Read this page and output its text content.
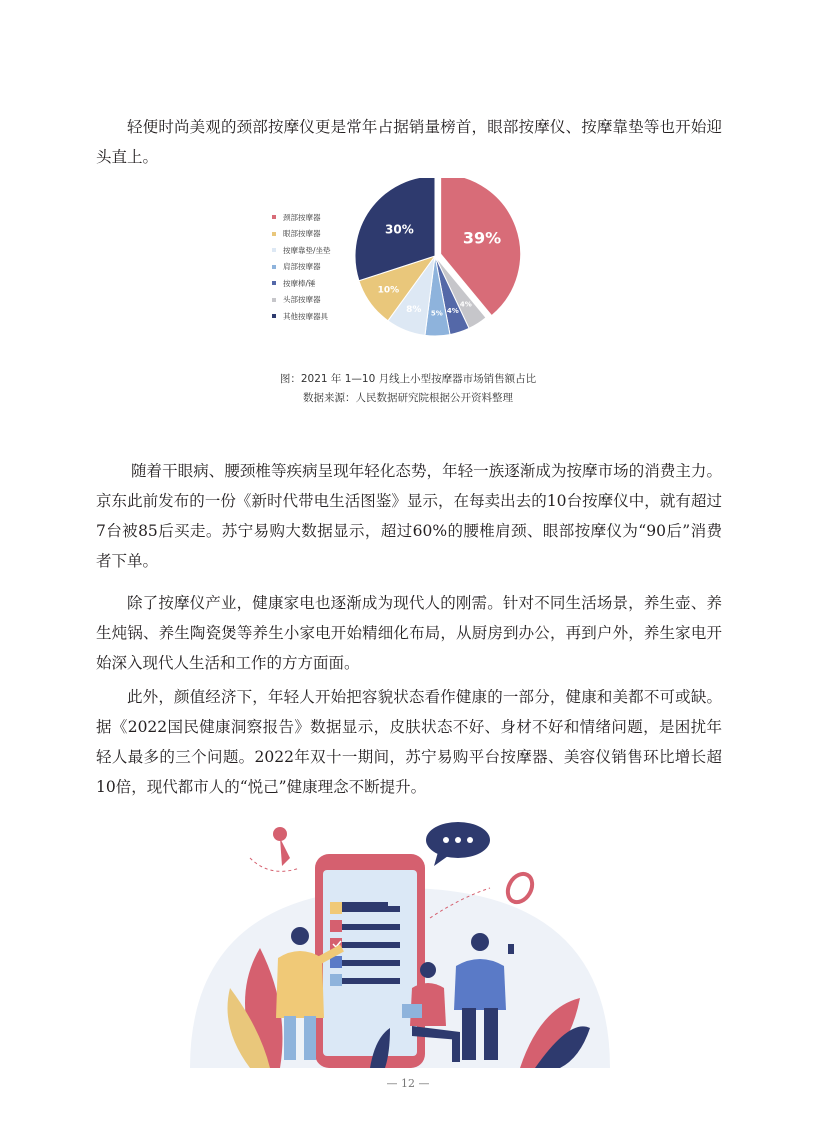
轻便时尚美观的颈部按摩仪更是常年占据销量榜首，眼部按摩仪、按摩靠垫等也开始迎头直上。

39%
4%
4%
5%
8%
10%
30%
颈部按摩器
眼部按摩器
按摩靠垫/坐垫
肩部按摩器
按摩棒/锤
头部按摩器
其他按摩器具
图：2021 年 1—10 月线上小型按摩器市场销售额占比
数据来源：人民数据研究院根据公开资料整理

随着干眼病、腰颈椎等疾病呈现年轻化态势，年轻一族逐渐成为按摩市场的消费主力。京东此前发布的一份《新时代带电生活图鉴》显示，在每卖出去的10台按摩仪中，就有超过7台被85后买走。苏宁易购大数据显示，超过60%的腰椎肩颈、眼部按摩仪为“90后”消费者下单。

除了按摩仪产业，健康家电也逐渐成为现代人的刚需。针对不同生活场景，养生壶、养生炖锅、养生陶瓷煲等养生小家电开始精细化布局，从厨房到办公，再到户外，养生家电开始深入现代人生活和工作的方方面面。

此外，颜值经济下，年轻人开始把容貌状态看作健康的一部分，健康和美都不可或缺。据《2022国民健康洞察报告》数据显示，皮肤状态不好、身材不好和情绪问题，是困扰年轻人最多的三个问题。2022年双十一期间，苏宁易购平台按摩器、美容仪销售环比增长超10倍，现代都市人的“悦己”健康理念不断提升。

— 12 —
